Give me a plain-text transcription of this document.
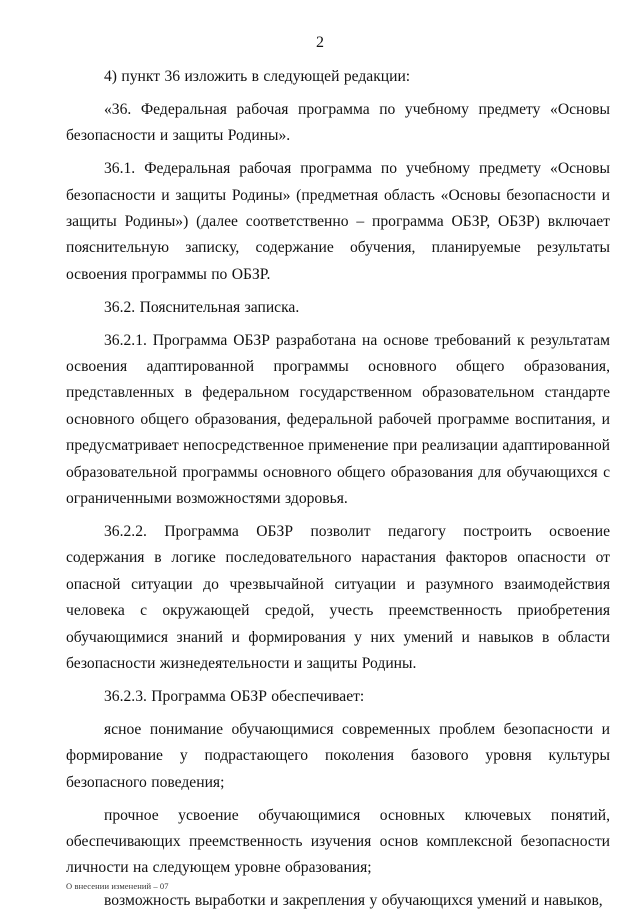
2

4) пункт 36 изложить в следующей редакции:

«36. Федеральная рабочая программа по учебному предмету «Основы безопасности и защиты Родины».

36.1. Федеральная рабочая программа по учебному предмету «Основы безопасности и защиты Родины» (предметная область «Основы безопасности и защиты Родины») (далее соответственно – программа ОБЗР, ОБЗР) включает пояснительную записку, содержание обучения, планируемые результаты освоения программы по ОБЗР.

36.2. Пояснительная записка.

36.2.1. Программа ОБЗР разработана на основе требований к результатам освоения адаптированной программы основного общего образования, представленных в федеральном государственном образовательном стандарте основного общего образования, федеральной рабочей программе воспитания, и предусматривает непосредственное применение при реализации адаптированной образовательной программы основного общего образования для обучающихся с ограниченными возможностями здоровья.

36.2.2. Программа ОБЗР позволит педагогу построить освоение содержания в логике последовательного нарастания факторов опасности от опасной ситуации до чрезвычайной ситуации и разумного взаимодействия человека с окружающей средой, учесть преемственность приобретения обучающимися знаний и формирования у них умений и навыков в области безопасности жизнедеятельности и защиты Родины.

36.2.3. Программа ОБЗР обеспечивает:

ясное понимание обучающимися современных проблем безопасности и формирование у подрастающего поколения базового уровня культуры безопасного поведения;

прочное усвоение обучающимися основных ключевых понятий, обеспечивающих преемственность изучения основ комплексной безопасности личности на следующем уровне образования;

возможность выработки и закрепления у обучающихся умений и навыков,

О внесении изменений – 07
